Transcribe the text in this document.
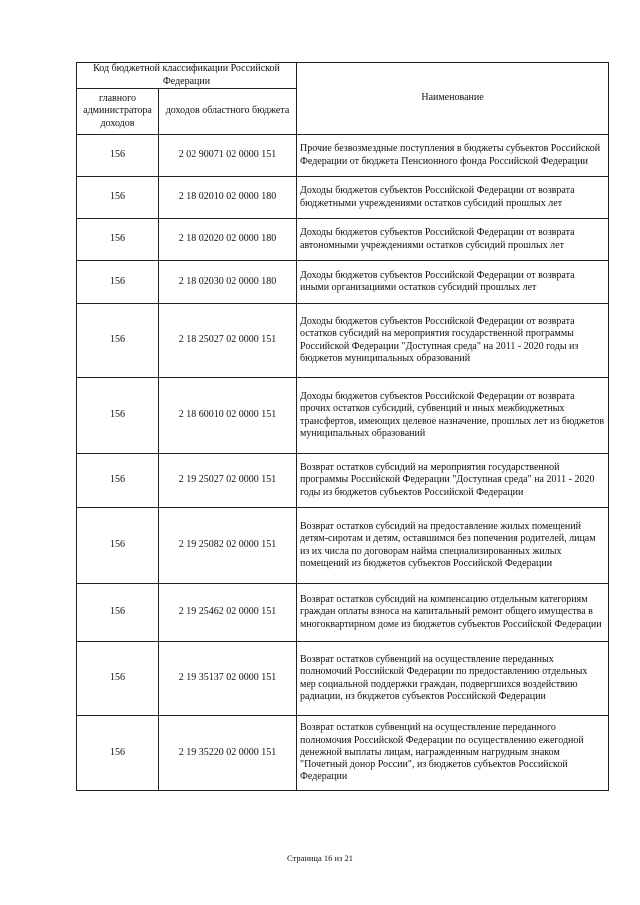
Код бюджетной классификации Российской Федерации		Наименование
главного администратора доходов	доходов областного бюджета	
156	2 02 90071 02 0000 151	Прочие безвозмездные поступления в бюджеты субъектов Российской Федерации от бюджета Пенсионного фонда Российской Федерации
156	2 18 02010 02 0000 180	Доходы бюджетов субъектов Российской Федерации от возврата бюджетными учреждениями остатков субсидий прошлых лет
156	2 18 02020 02 0000 180	Доходы бюджетов субъектов Российской Федерации от возврата автономными учреждениями остатков субсидий прошлых лет
156	2 18 02030 02 0000 180	Доходы бюджетов субъектов Российской Федерации от возврата иными организациями остатков субсидий прошлых лет
156	2 18 25027 02 0000 151	Доходы бюджетов субъектов Российской Федерации от возврата остатков субсидий на мероприятия государственной программы Российской Федерации "Доступная среда" на 2011 - 2020 годы из бюджетов муниципальных образований
156	2 18 60010 02 0000 151	Доходы бюджетов субъектов Российской Федерации от возврата прочих остатков субсидий, субвенций и иных межбюджетных трансфертов, имеющих целевое назначение, прошлых лет из бюджетов муниципальных образований
156	2 19 25027 02 0000 151	Возврат остатков субсидий на мероприятия государственной программы Российской Федерации "Доступная среда" на 2011 - 2020 годы из бюджетов субъектов Российской Федерации
156	2 19 25082 02 0000 151	Возврат остатков субсидий на предоставление жилых помещений детям-сиротам и детям, оставшимся без попечения родителей, лицам из их числа по договорам найма специализированных жилых помещений из бюджетов субъектов Российской Федерации
156	2 19 25462 02 0000 151	Возврат остатков субсидий на компенсацию отдельным категориям граждан оплаты взноса на капитальный ремонт общего имущества в многоквартирном доме из бюджетов субъектов Российской Федерации
156	2 19 35137 02 0000 151	Возврат остатков субвенций на осуществление переданных полномочий Российской Федерации по предоставлению отдельных мер социальной поддержки граждан, подвергшихся воздействию радиации, из бюджетов субъектов Российской Федерации
156	2 19 35220 02 0000 151	Возврат остатков субвенций на осуществление переданного полномочия Российской Федерации по осуществлению ежегодной денежной выплаты лицам, награжденным нагрудным знаком "Почетный донор России", из бюджетов субъектов Российской Федерации
Страница 16 из 21
